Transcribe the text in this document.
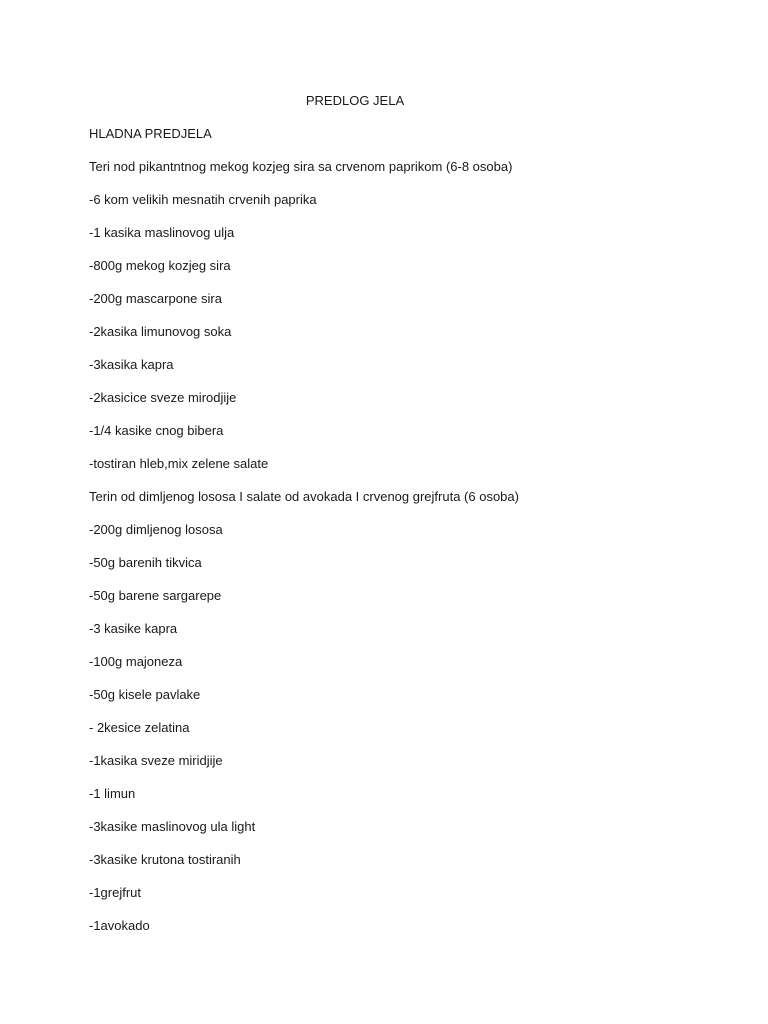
PREDLOG JELA
HLADNA PREDJELA
Teri nod pikantntnog mekog kozjeg sira sa crvenom paprikom (6-8 osoba)
-6 kom velikih mesnatih crvenih paprika
-1 kasika maslinovog ulja
-800g mekog kozjeg sira
-200g mascarpone sira
-2kasika limunovog soka
-3kasika kapra
-2kasicice sveze mirodjije
-1/4 kasike cnog bibera
-tostiran hleb,mix zelene salate
Terin od dimljenog lososa I salate od avokada I crvenog grejfruta (6 osoba)
-200g dimljenog lososa
-50g barenih tikvica
-50g barene sargarepe
-3 kasike kapra
-100g majoneza
-50g kisele pavlake
- 2kesice zelatina
-1kasika sveze miridjije
-1 limun
-3kasike maslinovog ula light
-3kasike krutona tostiranih
-1grejfrut
-1avokado
